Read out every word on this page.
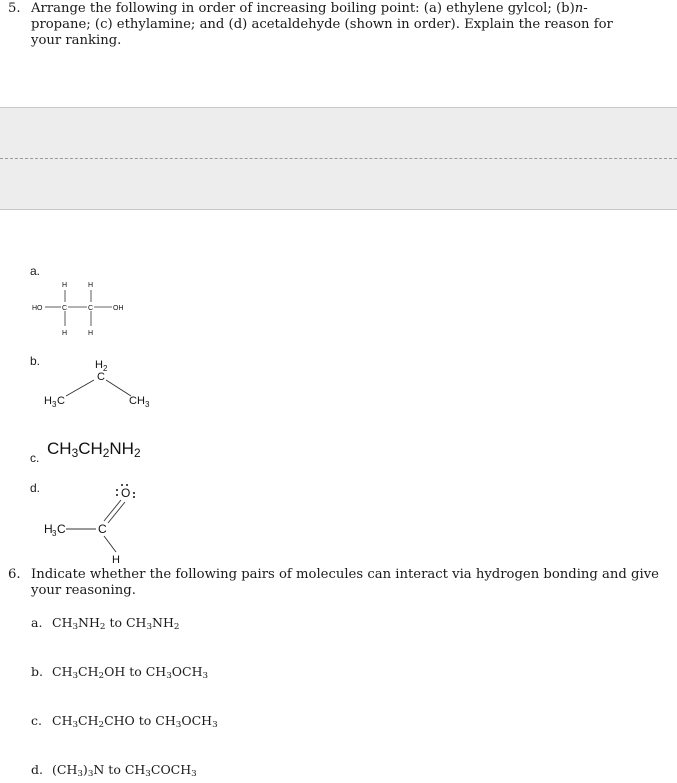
5. Arrange the following in order of increasing boiling point: (a) ethylene gylcol; (b)n-propane; (c) ethylamine; and (d) acetaldehyde (shown in order). Explain the reason for your ranking.
a.
HO	C	C	OH
H	H
H	H
b.	H 2
C
H 3 C	CH 3
c. $CH_3CH_2NH_2$
d.	O
H 3 C	C
H
6. Indicate whether the following pairs of molecules can interact via hydrogen bonding and give your reasoning.
a. $CH_3NH_2$ to $CH_3NH_2$
b. $CH_3CH_2OH$ to $CH_3OCH_3$
c. $CH_3CH_2CHO$ to $CH_3OCH_3$
d. $(CH_3)_3N$ to $CH_3COCH_3$
